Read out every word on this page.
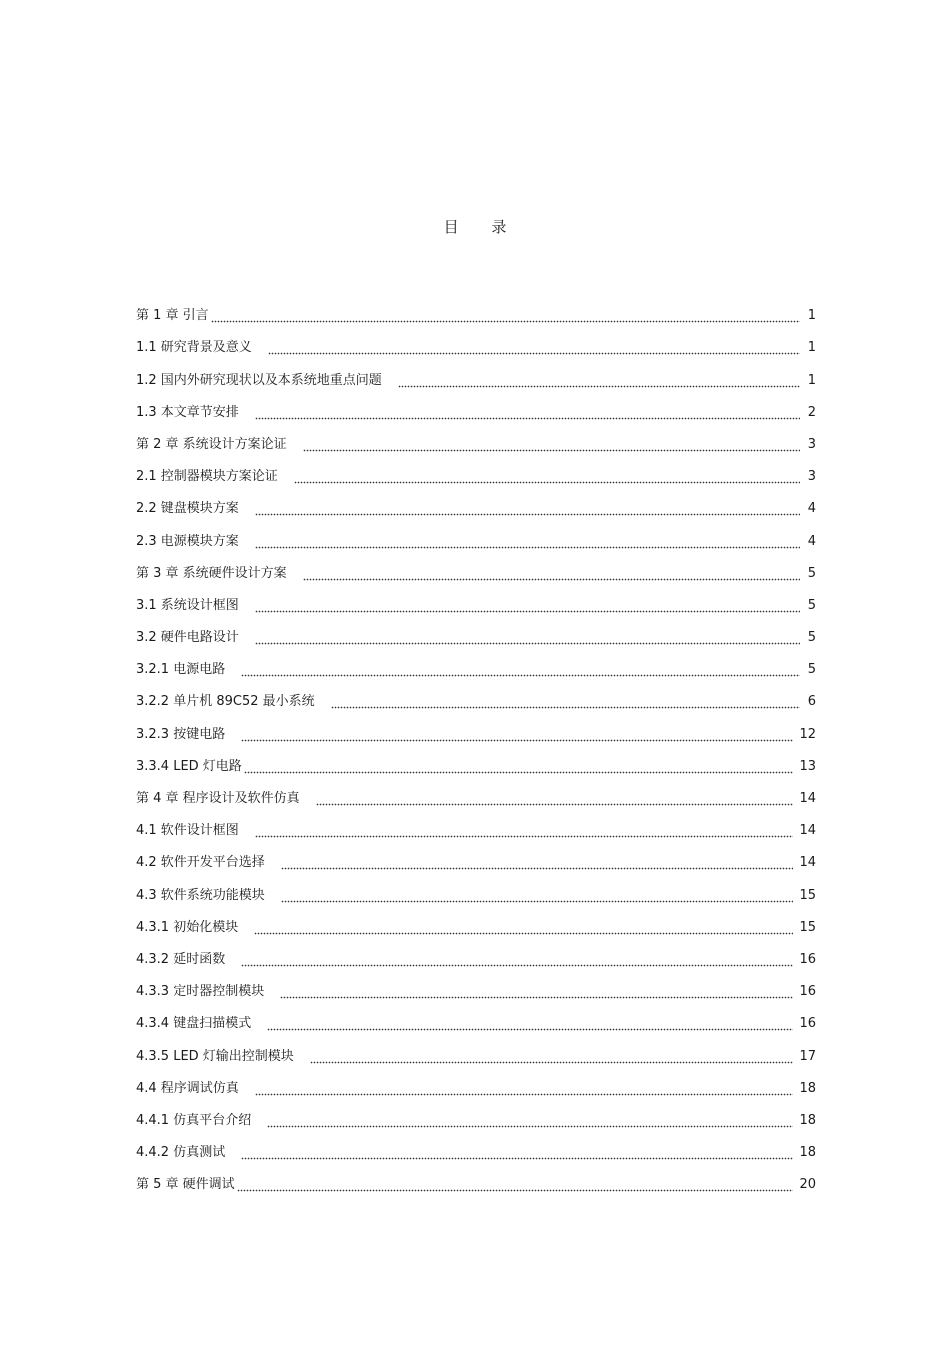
目 录
第 1 章 引言	1
1.1 研究背景及意义	1
1.2 国内外研究现状以及本系统地重点问题	1
1.3 本文章节安排	2
第 2 章 系统设计方案论证	3
2.1 控制器模块方案论证	3
2.2 键盘模块方案	4
2.3 电源模块方案	4
第 3 章 系统硬件设计方案	5
3.1 系统设计框图	5
3.2 硬件电路设计	5
3.2.1 电源电路	5
3.2.2 单片机 89C52 最小系统	6
3.2.3 按键电路	12
3.3.4 LED 灯电路	13
第 4 章 程序设计及软件仿真	14
4.1 软件设计框图	14
4.2 软件开发平台选择	14
4.3 软件系统功能模块	15
4.3.1 初始化模块	15
4.3.2 延时函数	16
4.3.3 定时器控制模块	16
4.3.4 键盘扫描模式	16
4.3.5 LED 灯输出控制模块	17
4.4 程序调试仿真	18
4.4.1 仿真平台介绍	18
4.4.2 仿真测试	18
第 5 章 硬件调试	20
